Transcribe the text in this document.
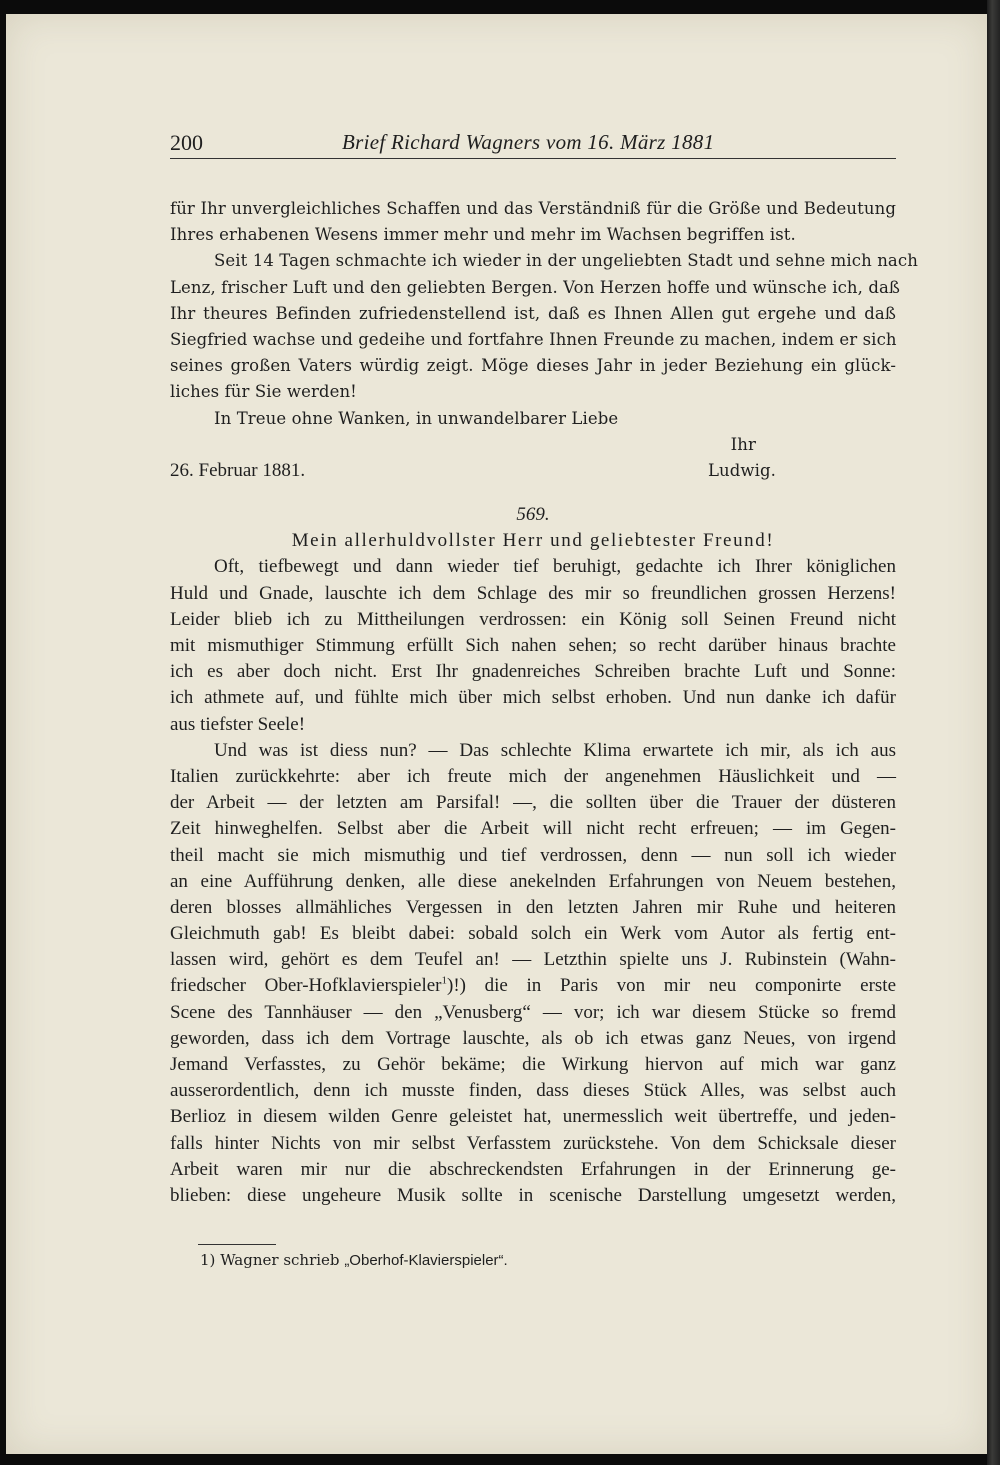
200	Brief Richard Wagners vom 16. März 1881
für Ihr unvergleichliches Schaffen und das Verständniß für die Größe und Bedeutung
Ihres erhabenen Wesens immer mehr und mehr im Wachsen begriffen ist.
Seit 14 Tagen schmachte ich wieder in der ungeliebten Stadt und sehne mich nach
Lenz, frischer Luft und den geliebten Bergen. Von Herzen hoffe und wünsche ich, daß
Ihr theures Befinden zufriedenstellend ist, daß es Ihnen Allen gut ergehe und daß
Siegfried wachse und gedeihe und fortfahre Ihnen Freunde zu machen, indem er sich
seines großen Vaters würdig zeigt. Möge dieses Jahr in jeder Beziehung ein glück-
liches für Sie werden!
In Treue ohne Wanken, in unwandelbarer Liebe
Ihr
26. Februar 1881.	Ludwig.
569.
Mein allerhuldvollster Herr und geliebtester Freund!
Oft, tiefbewegt und dann wieder tief beruhigt, gedachte ich Ihrer königlichen
Huld und Gnade, lauschte ich dem Schlage des mir so freundlichen grossen Herzens!
Leider blieb ich zu Mittheilungen verdrossen: ein König soll Seinen Freund nicht
mit mismuthiger Stimmung erfüllt Sich nahen sehen; so recht darüber hinaus brachte
ich es aber doch nicht. Erst Ihr gnadenreiches Schreiben brachte Luft und Sonne:
ich athmete auf, und fühlte mich über mich selbst erhoben. Und nun danke ich dafür
aus tiefster Seele!
Und was ist diess nun? — Das schlechte Klima erwartete ich mir, als ich aus
Italien zurückkehrte: aber ich freute mich der angenehmen Häuslichkeit und —
der Arbeit — der letzten am Parsifal! —, die sollten über die Trauer der düsteren
Zeit hinweghelfen. Selbst aber die Arbeit will nicht recht erfreuen; — im Gegen-
theil macht sie mich mismuthig und tief verdrossen, denn — nun soll ich wieder
an eine Aufführung denken, alle diese anekelnden Erfahrungen von Neuem bestehen,
deren blosses allmähliches Vergessen in den letzten Jahren mir Ruhe und heiteren
Gleichmuth gab! Es bleibt dabei: sobald solch ein Werk vom Autor als fertig ent-
lassen wird, gehört es dem Teufel an! — Letzthin spielte uns J. Rubinstein (Wahn-
friedscher Ober-Hofklavierspieler$^1$)!) die in Paris von mir neu componirte erste
Scene des Tannhäuser — den „Venusberg“ — vor; ich war diesem Stücke so fremd
geworden, dass ich dem Vortrage lauschte, als ob ich etwas ganz Neues, von irgend
Jemand Verfasstes, zu Gehör bekäme; die Wirkung hiervon auf mich war ganz
ausserordentlich, denn ich musste finden, dass dieses Stück Alles, was selbst auch
Berlioz in diesem wilden Genre geleistet hat, unermesslich weit übertreffe, und jeden-
falls hinter Nichts von mir selbst Verfasstem zurückstehe. Von dem Schicksale dieser
Arbeit waren mir nur die abschreckendsten Erfahrungen in der Erinnerung ge-
blieben: diese ungeheure Musik sollte in scenische Darstellung umgesetzt werden,
1) Wagner schrieb „Oberhof-Klavierspieler“.
